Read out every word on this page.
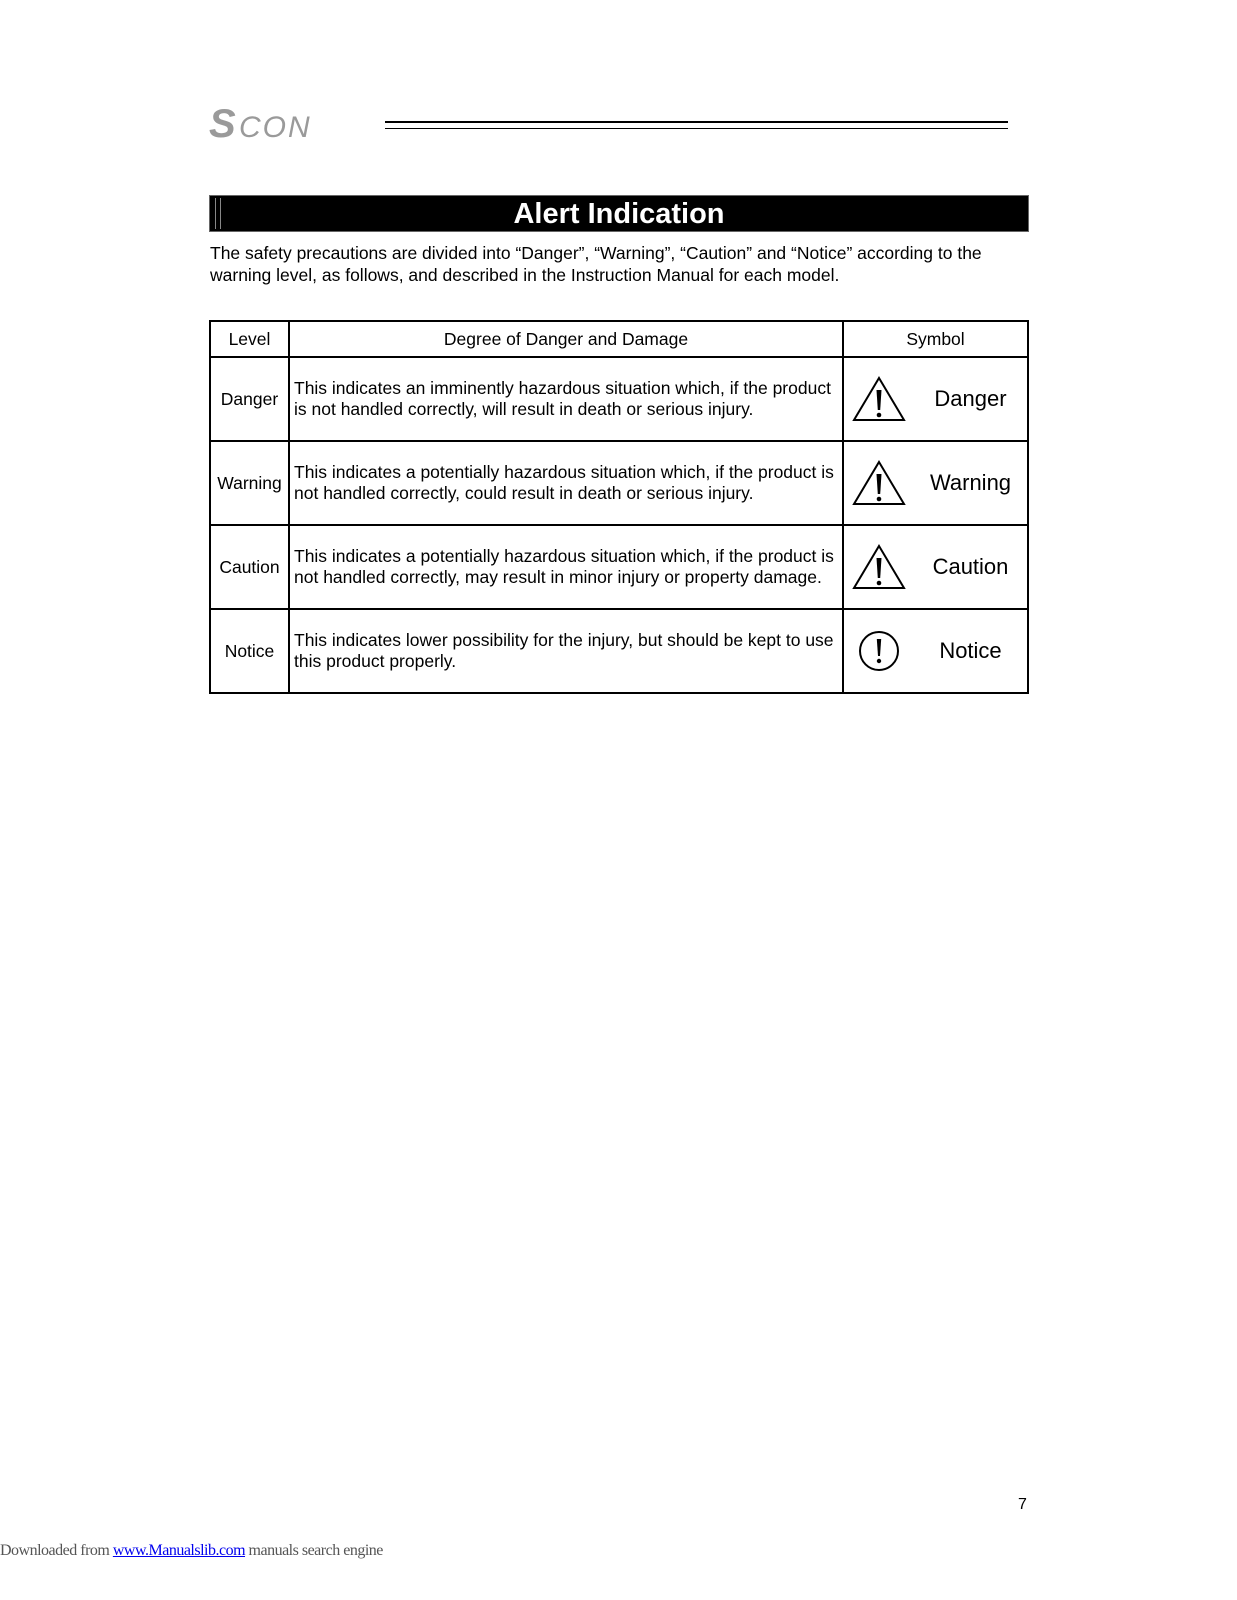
S CON
Alert Indication
The safety precautions are divided into “Danger”, “Warning”, “Caution” and “Notice” according to the warning level, as follows, and described in the Instruction Manual for each model.
Level	Degree of Danger and Damage	Symbol
Danger	This indicates an imminently hazardous situation which, if the product is not handled correctly, will result in death or serious injury.	Danger

Warning	This indicates a potentially hazardous situation which, if the product is not handled correctly, could result in death or serious injury.	Warning

Caution	This indicates a potentially hazardous situation which, if the product is not handled correctly, may result in minor injury or property damage.	Caution

Notice	This indicates lower possibility for the injury, but should be kept to use this product properly.	Notice
7
Downloaded from www.Manualslib.com manuals search engine
